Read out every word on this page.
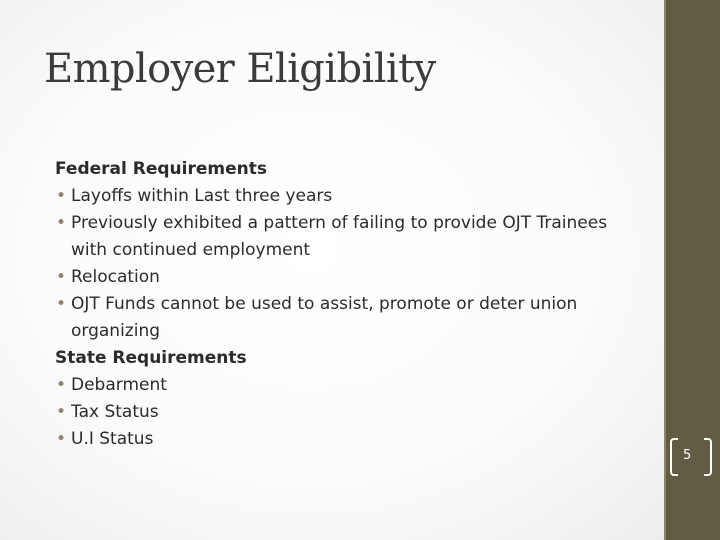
Employer Eligibility
Federal Requirements
• Layoffs within Last three years
• Previously exhibited a pattern of failing to provide OJT Trainees with continued employment
• Relocation
• OJT Funds cannot be used to assist, promote or deter union organizing
State Requirements
• Debarment
• Tax Status
• U.I Status
5
